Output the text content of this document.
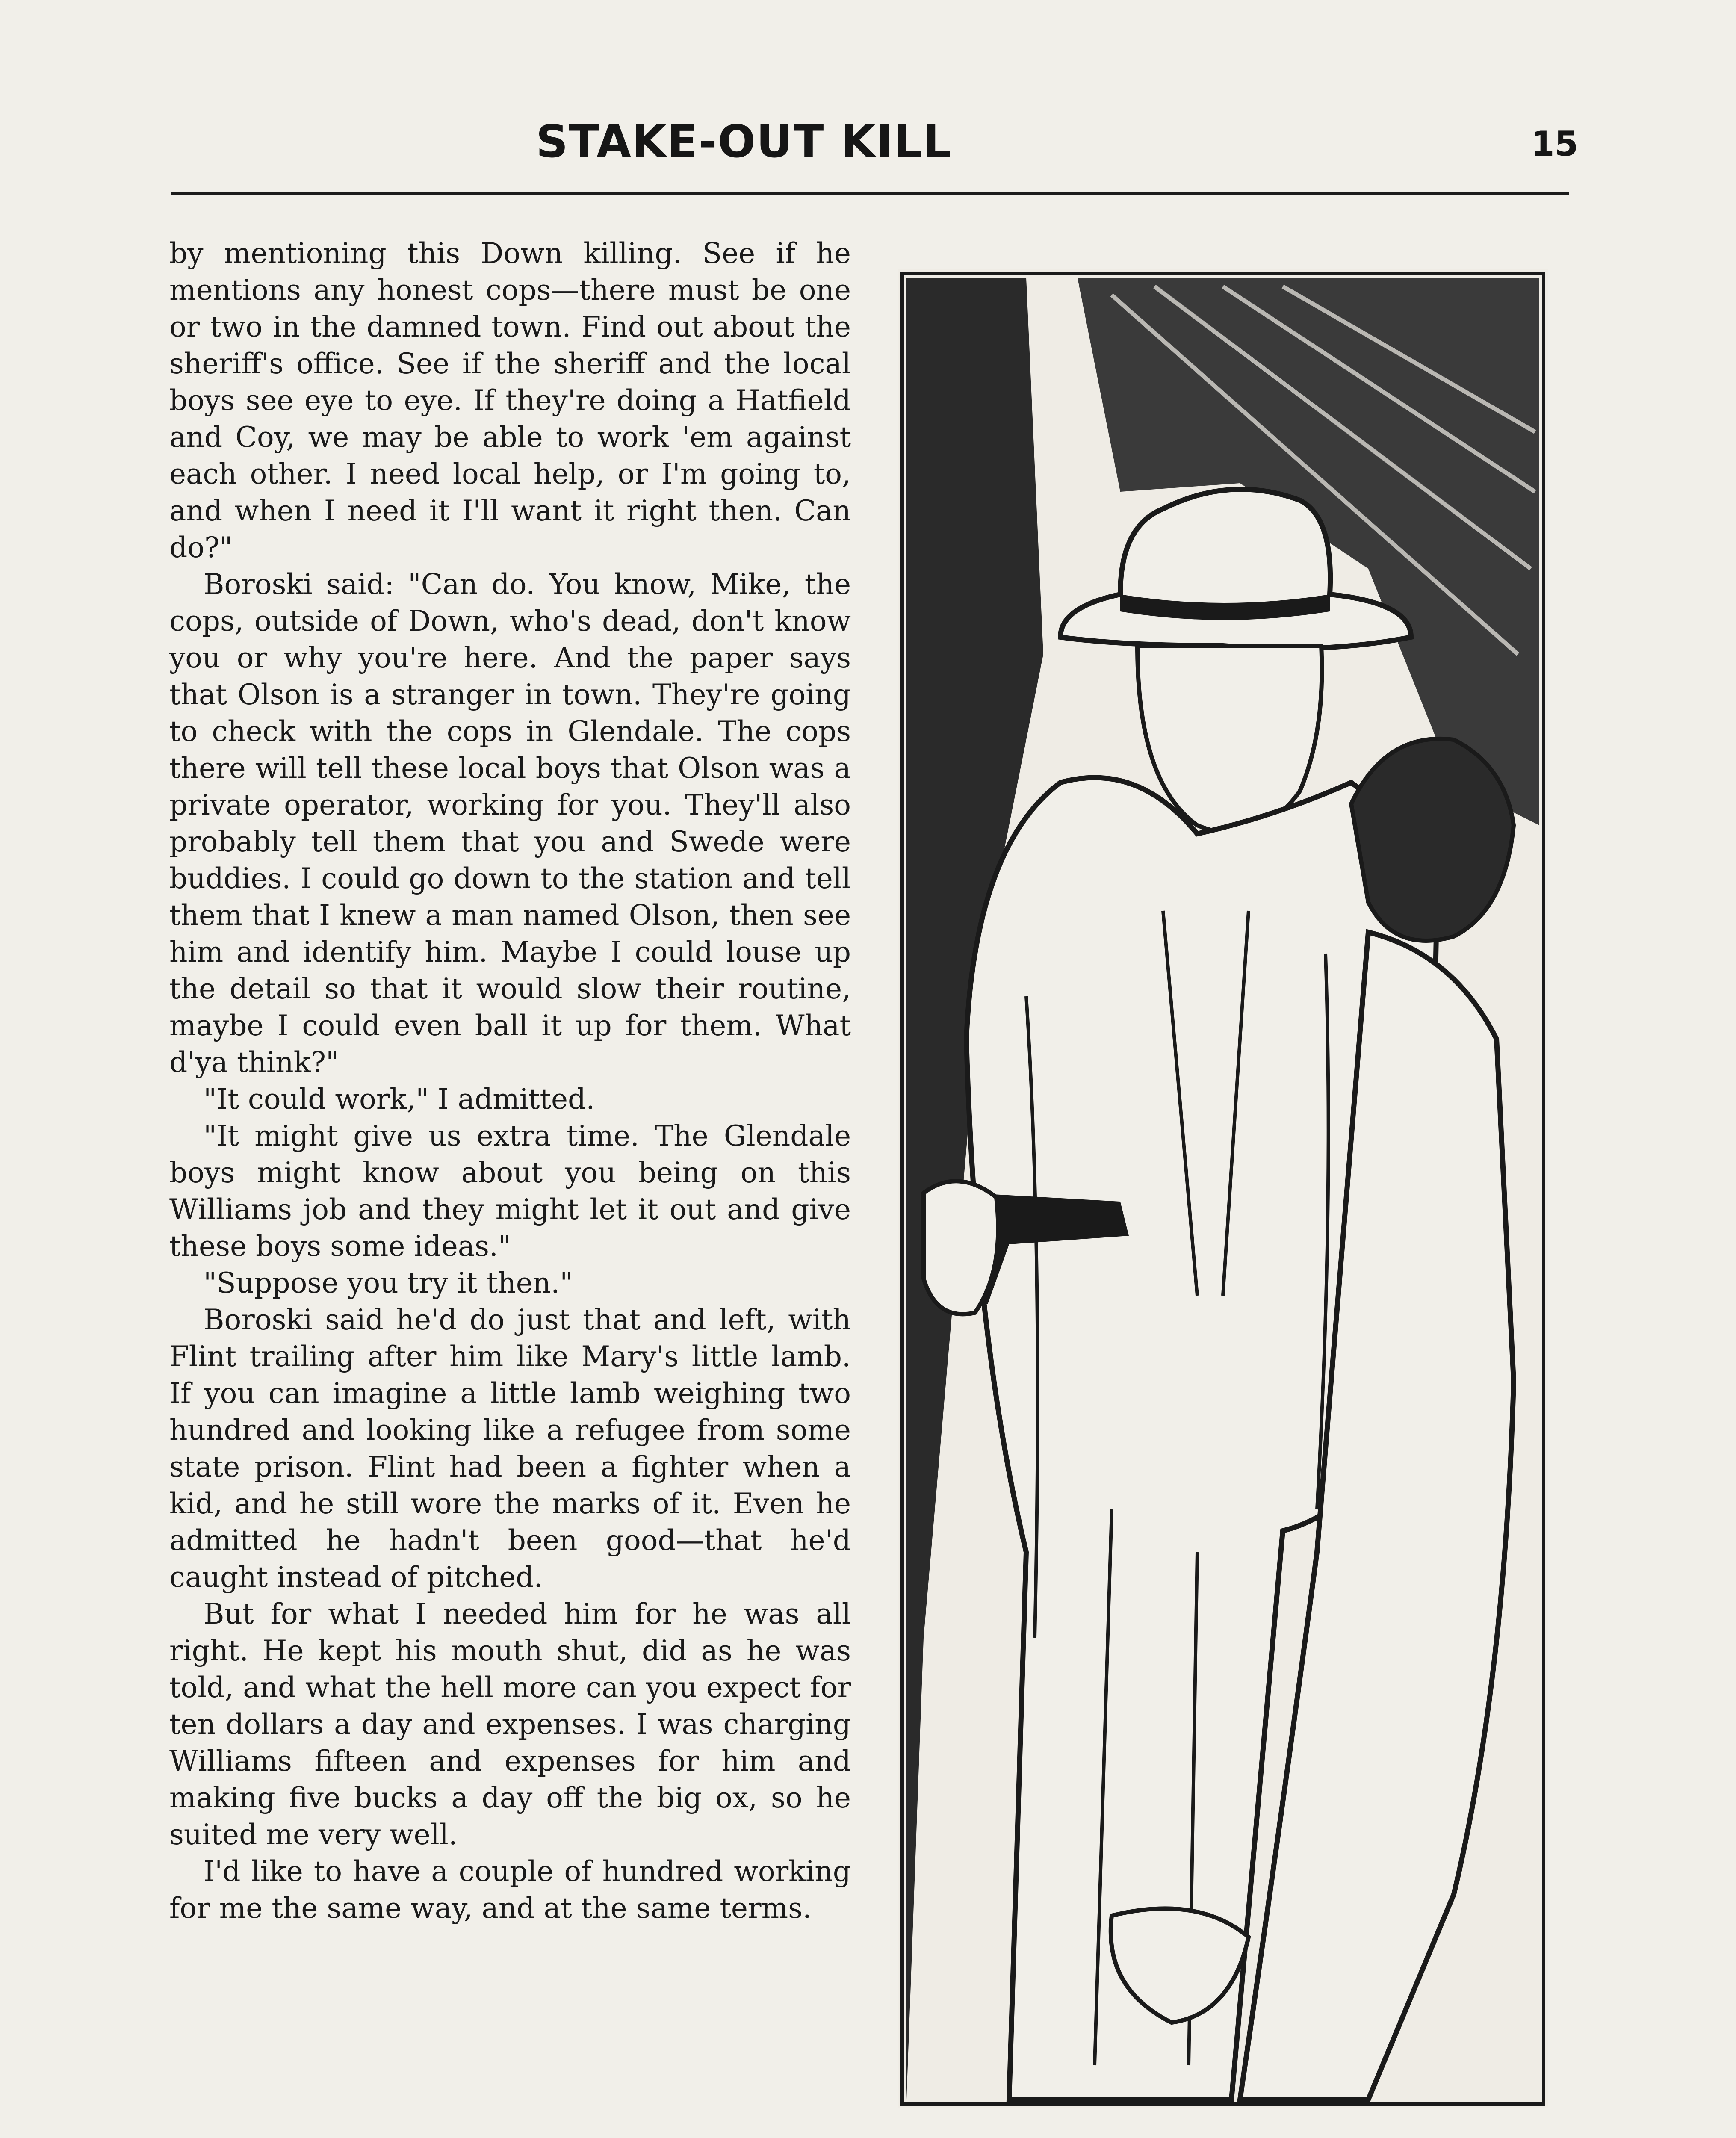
STAKE-OUT KILL	15

by mentioning this Down killing. See if he mentions any honest cops—there must be one or two in the damned town. Find out about the sheriff's office. See if the sheriff and the local boys see eye to eye. If they're doing a Hatfield and Coy, we may be able to work 'em against each other. I need local help, or I'm going to, and when I need it I'll want it right then. Can do?"

Boroski said: "Can do. You know, Mike, the cops, outside of Down, who's dead, don't know you or why you're here. And the paper says that Olson is a stranger in town. They're going to check with the cops in Glendale. The cops there will tell these local boys that Olson was a private operator, working for you. They'll also probably tell them that you and Swede were buddies. I could go down to the station and tell them that I knew a man named Olson, then see him and identify him. Maybe I could louse up the detail so that it would slow their routine, maybe I could even ball it up for them. What d'ya think?"

"It could work," I admitted.

"It might give us extra time. The Glendale boys might know about you being on this Williams job and they might let it out and give these boys some ideas."

"Suppose you try it then."

Boroski said he'd do just that and left, with Flint trailing after him like Mary's little lamb. If you can imagine a little lamb weighing two hundred and looking like a refugee from some state prison. Flint had been a fighter when a kid, and he still wore the marks of it. Even he admitted he hadn't been good—that he'd caught instead of pitched.

But for what I needed him for he was all right. He kept his mouth shut, did as he was told, and what the hell more can you expect for ten dollars a day and expenses. I was charging Williams fifteen and expenses for him and making five bucks a day off the big ox, so he suited me very well.

I'd like to have a couple of hundred working for me the same way, and at the same terms.
